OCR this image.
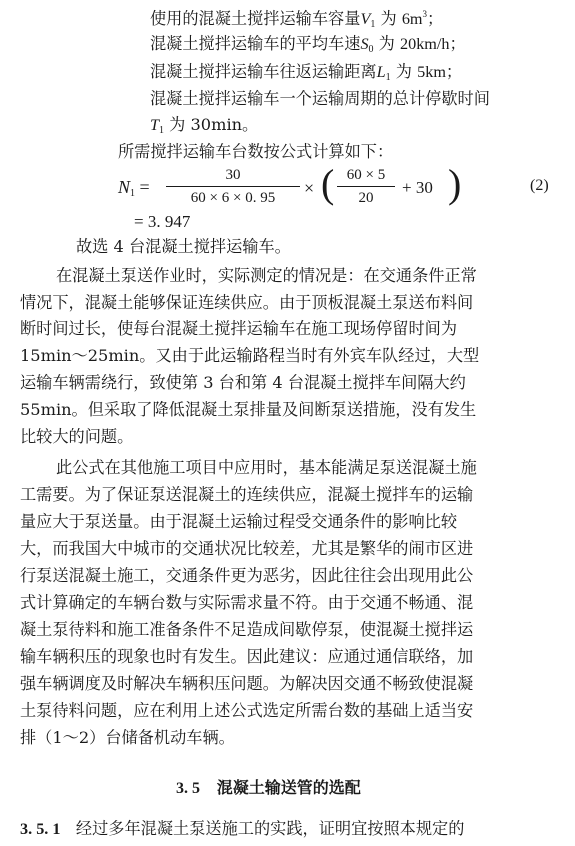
使用的混凝土搅拌运输车容量$V_1$ 为 $6m^3$；
混凝土搅拌运输车的平均车速$S_0$ 为 20km/h；
混凝土搅拌运输车往返运输距离$L_1$ 为 5km；
混凝土搅拌运输车一个运输周期的总计停歇时间
$T_1$ 为 30min。
所需搅拌运输车台数按公式计算如下：
$N_1$ =
30
60 × 6 × 0. 95	× ( 60 × 5
20
+ 30 )	(2)
= 3. 947
故选 4 台混凝土搅拌运输车。
在混凝土泵送作业时，实际测定的情况是：在交通条件正常
情况下，混凝土能够保证连续供应。由于顶板混凝土泵送布料间
断时间过长，使每台混凝土搅拌运输车在施工现场停留时间为
15min～25min。又由于此运输路程当时有外宾车队经过，大型
运输车辆需绕行，致使第 3 台和第 4 台混凝土搅拌车间隔大约
55min。但采取了降低混凝土泵排量及间断泵送措施，没有发生
比较大的问题。
此公式在其他施工项目中应用时，基本能满足泵送混凝土施
工需要。为了保证泵送混凝土的连续供应，混凝土搅拌车的运输
量应大于泵送量。由于混凝土运输过程受交通条件的影响比较
大，而我国大中城市的交通状况比较差，尤其是繁华的闹市区进
行泵送混凝土施工，交通条件更为恶劣，因此往往会出现用此公
式计算确定的车辆台数与实际需求量不符。由于交通不畅通、混
凝土泵待料和施工准备条件不足造成间歇停泵，使混凝土搅拌运
输车辆积压的现象也时有发生。因此建议：应通过通信联络，加
强车辆调度及时解决车辆积压问题。为解决因交通不畅致使混凝
土泵待料问题，应在利用上述公式选定所需台数的基础上适当安
排（1～2）台储备机动车辆。
3. 5 混凝土输送管的选配
3. 5. 1 经过多年混凝土泵送施工的实践，证明宜按照本规定的
